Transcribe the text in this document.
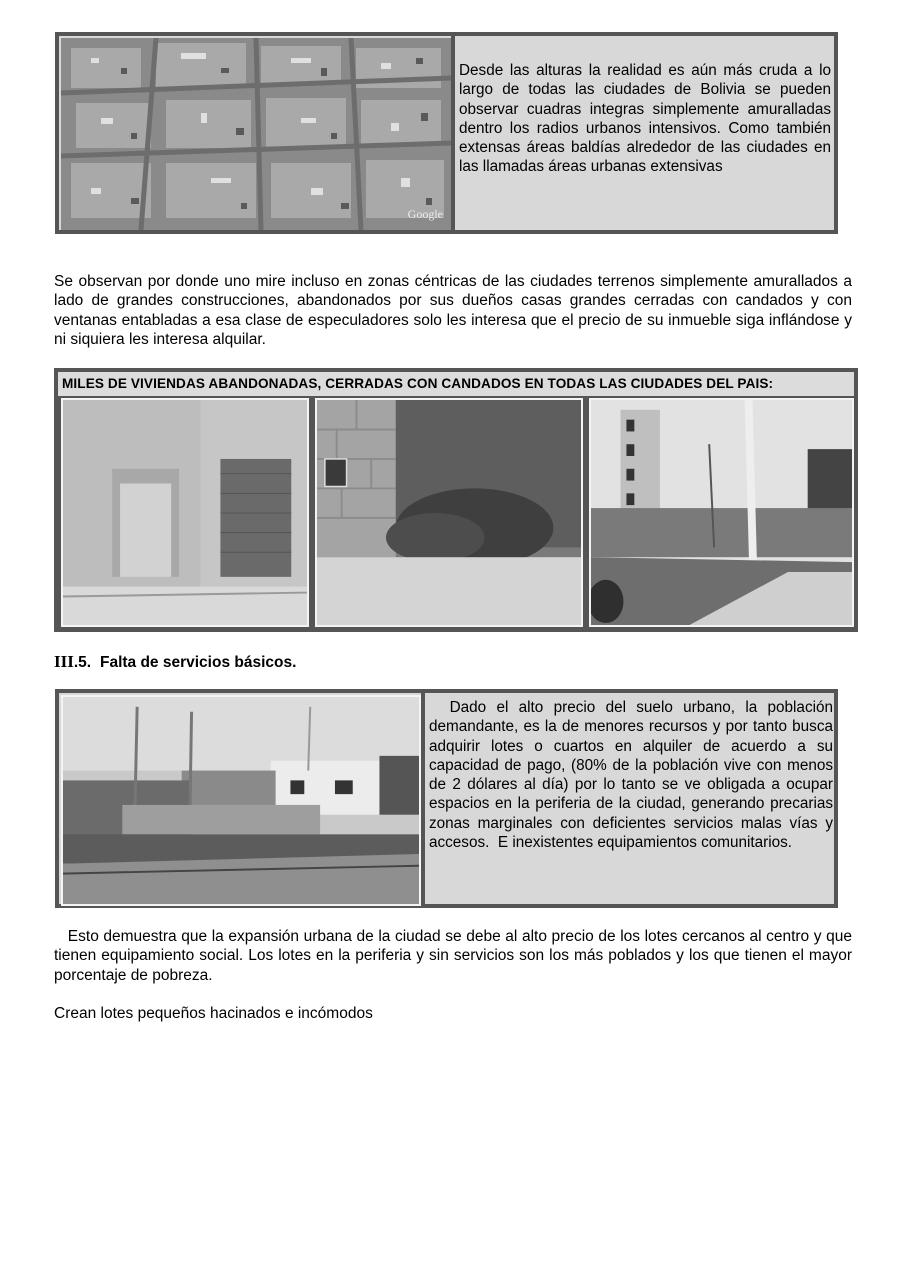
Google
Desde las alturas la realidad es aún más cruda a lo largo de todas las ciudades de Bolivia se pueden observar cuadras integras simplemente amuralladas dentro los radios urbanos intensivos. Como también extensas áreas baldías alrededor de las ciudades en las llamadas áreas urbanas extensivas
Se observan por donde uno mire incluso en zonas céntricas de las ciudades terrenos simplemente amurallados a lado de grandes construcciones, abandonados por sus dueños casas grandes cerradas con candados y con ventanas entabladas a esa clase de especuladores solo les interesa que el precio de su inmueble siga inflándose y ni siquiera les interesa alquilar.
MILES DE VIVIENDAS ABANDONADAS, CERRADAS CON CANDADOS EN TODAS LAS CIUDADES DEL PAIS:
III.5. Falta de servicios básicos.
Dado el alto precio del suelo urbano, la población demandante, es la de menores recursos y por tanto busca adquirir lotes o cuartos en alquiler de acuerdo a su capacidad de pago, (80% de la población vive con menos de 2 dólares al día) por lo tanto se ve obligada a ocupar  espacios en la periferia de la ciudad, generando precarias  zonas marginales con deficientes servicios malas vías y accesos.  E inexistentes equipamientos comunitarios.
Esto demuestra que la expansión urbana de la ciudad se debe al alto precio de los lotes cercanos al centro y que tienen equipamiento social. Los lotes en la periferia y sin servicios son los más poblados y los que tienen el mayor porcentaje de pobreza.
Crean lotes pequeños hacinados e incómodos
